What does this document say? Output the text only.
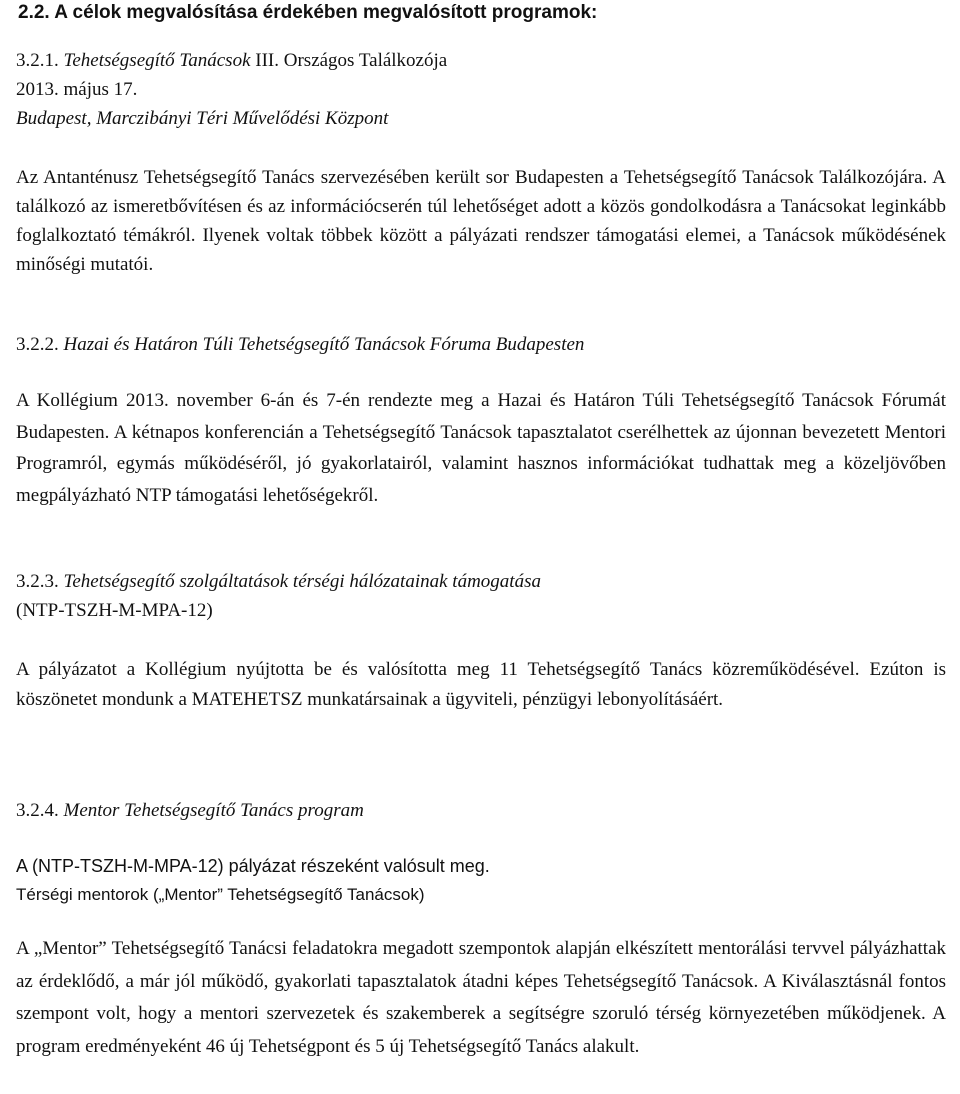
2.2. A célok megvalósítása érdekében megvalósított programok:
3.2.1. Tehetségsegítő Tanácsok III. Országos Találkozója
2013. május 17.
Budapest, Marczibányi Téri Művelődési Központ
Az Antanténusz Tehetségsegítő Tanács szervezésében került sor Budapesten a Tehetségsegítő Tanácsok Találkozójára. A találkozó az ismeretbővítésen és az információcserén túl lehetőséget adott a közös gondolkodásra a Tanácsokat leginkább foglalkoztató témákról. Ilyenek voltak többek között a pályázati rendszer támogatási elemei, a Tanácsok működésének minőségi mutatói.
3.2.2. Hazai és Határon Túli Tehetségsegítő Tanácsok Fóruma Budapesten
A Kollégium 2013. november 6-án és 7-én rendezte meg a Hazai és Határon Túli Tehetségsegítő Tanácsok Fórumát Budapesten. A kétnapos konferencián a Tehetségsegítő Tanácsok tapasztalatot cserélhettek az újonnan bevezetett Mentori Programról, egymás működéséről, jó gyakorlatairól, valamint hasznos információkat tudhattak meg a közeljövőben megpályázható NTP támogatási lehetőségekről.
3.2.3. Tehetségsegítő szolgáltatások térségi hálózatainak támogatása
(NTP-TSZH-M-MPA-12)
A pályázatot a Kollégium nyújtotta be és valósította meg 11 Tehetségsegítő Tanács közreműködésével. Ezúton is köszönetet mondunk a MATEHETSZ munkatársainak a ügyviteli, pénzügyi lebonyolításáért.
3.2.4. Mentor Tehetségsegítő Tanács program
A (NTP-TSZH-M-MPA-12) pályázat részeként valósult meg.
Térségi mentorok („Mentor” Tehetségsegítő Tanácsok)
A „Mentor” Tehetségsegítő Tanácsi feladatokra megadott szempontok alapján elkészített mentorálási tervvel pályázhattak az érdeklődő, a már jól működő, gyakorlati tapasztalatok átadni képes Tehetségsegítő Tanácsok. A Kiválasztásnál fontos szempont volt, hogy a mentori szervezetek és szakemberek a segítségre szoruló térség környezetében működjenek. A program eredményeként 46 új Tehetségpont és 5 új Tehetségsegítő Tanács alakult.
